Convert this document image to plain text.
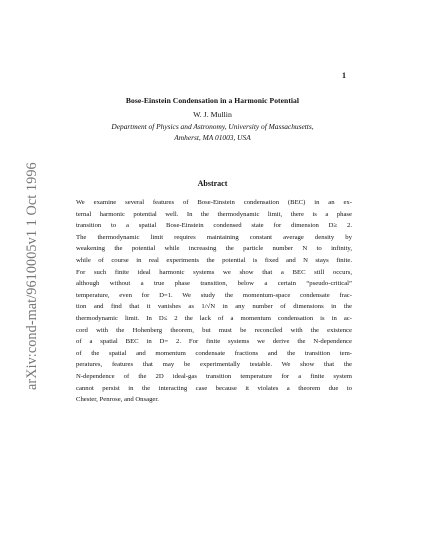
1
arXiv:cond-mat/9610005v1 1 Oct 1996
Bose-Einstein Condensation in a Harmonic Potential
W. J. Mullin
Department of Physics and Astronomy, University of Massachusetts,
Amherst, MA 01003, USA
Abstract
We examine several features of Bose-Einstein condensation (BEC) in an ex-
ternal harmonic potential well. In the thermodynamic limit, there is a phase
transition to a spatial Bose-Einstein condensed state for dimension D≥ 2.
The thermodynamic limit requires maintaining constant average density by
weakening the potential while increasing the particle number N to infinity,
while of course in real experiments the potential is fixed and N stays finite.
For such finite ideal harmonic systems we show that a BEC still occurs,
although without a true phase transition, below a certain “pseudo-critical”
temperature, even for D=1. We study the momentum-space condensate frac-
tion and find that it vanishes as 1/√N in any number of dimensions in the
thermodynamic limit. In D≤ 2 the lack of a momentum condensation is in ac-
cord with the Hohenberg theorem, but must be reconciled with the existence
of a spatial BEC in D= 2. For finite systems we derive the N-dependence
of the spatial and momentum condensate fractions and the transition tem-
peratures, features that may be experimentally testable. We show that the
N-dependence of the 2D ideal-gas transition temperature for a finite system
cannot persist in the interacting case because it violates a theorem due to
Chester, Penrose, and Onsager.
